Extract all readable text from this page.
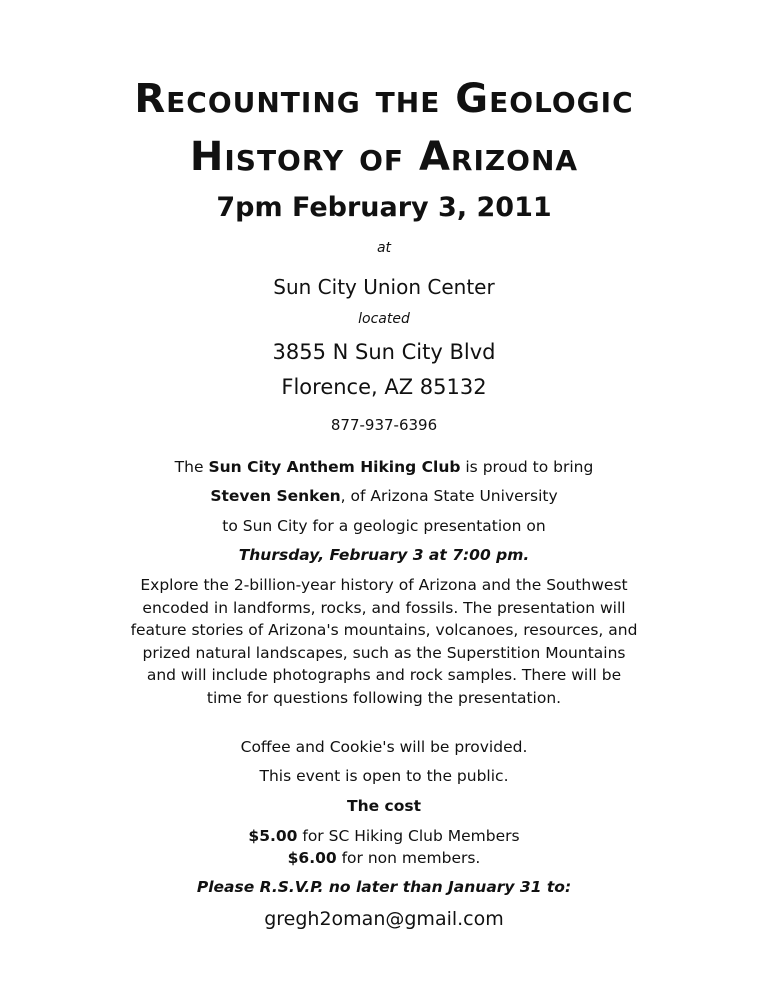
Recounting the Geologic
History of Arizona
7pm February 3, 2011
at
Sun City Union Center
located
3855 N Sun City Blvd
Florence, AZ 85132
877-937-6396
The Sun City Anthem Hiking Club is proud to bring
Steven Senken, of Arizona State University
to Sun City for a geologic presentation on
Thursday, February 3 at 7:00 pm.
Explore the 2-billion-year history of Arizona and the Southwest encoded in landforms, rocks, and fossils. The presentation will feature stories of Arizona's mountains, volcanoes, resources, and prized natural landscapes, such as the Superstition Mountains and will include photographs and rock samples. There will be time for questions following the presentation.
Coffee and Cookie's will be provided.
This event is open to the public.
The cost
$5.00 for SC Hiking Club Members
$6.00 for non members.
Please R.S.V.P. no later than January 31 to:
gregh2oman@gmail.com
